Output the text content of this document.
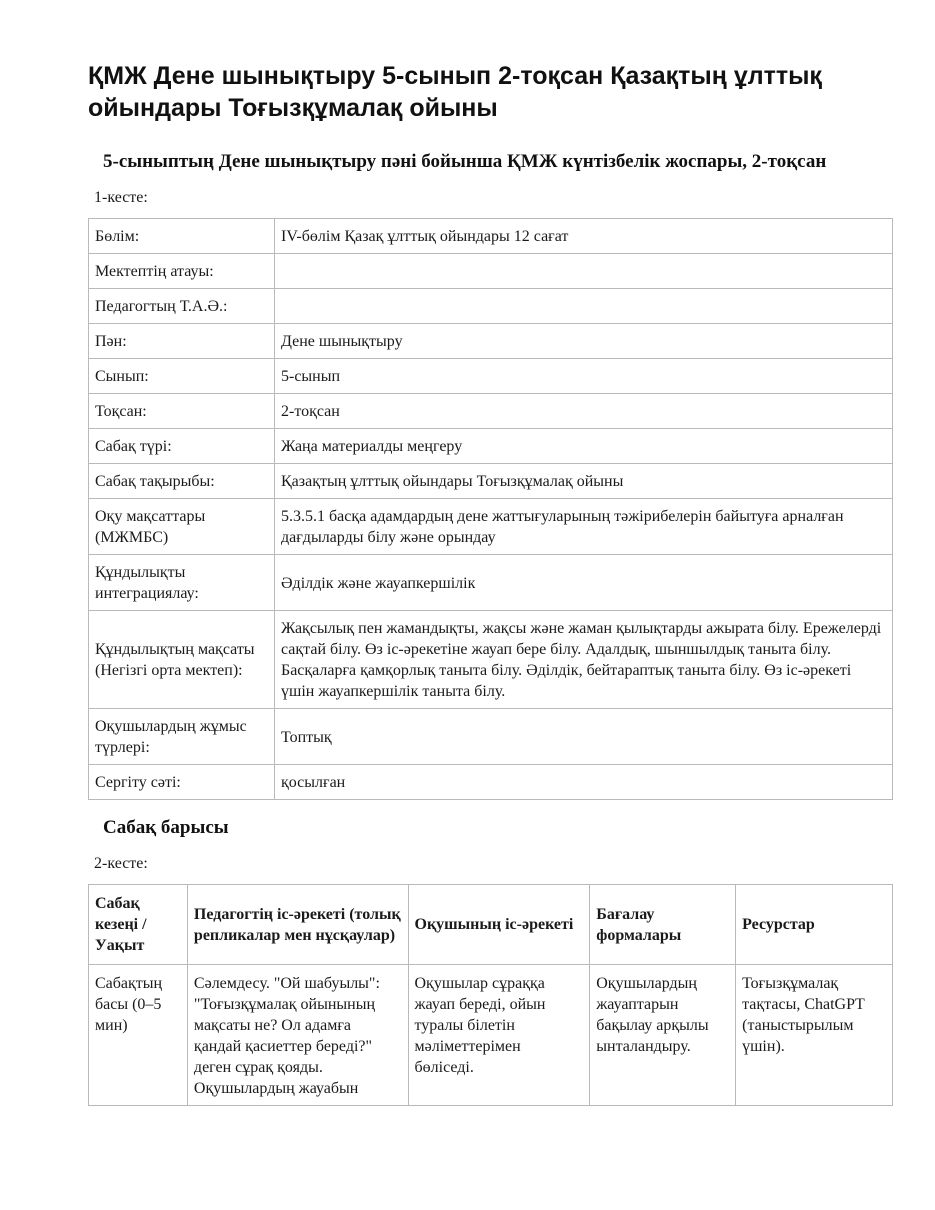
ҚМЖ Дене шынықтыру 5-сынып 2-тоқсан Қазақтың ұлттық ойындары Тоғызқұмалақ ойыны
5-сыныптың Дене шынықтыру пәні бойынша ҚМЖ күнтізбелік жоспары, 2-тоқсан
1-кесте:
Бөлім:	IV-бөлім Қазақ ұлттық ойындары 12 сағат
Мектептің атауы:	
Педагогтың Т.А.Ә.:	
Пән:	Дене шынықтыру
Сынып:	5-сынып
Тоқсан:	2-тоқсан
Сабақ түрі:	Жаңа материалды меңгеру
Сабақ тақырыбы:	Қазақтың ұлттық ойындары Тоғызқұмалақ ойыны
Оқу мақсаттары (МЖМБС)	5.3.5.1 басқа адамдардың дене жаттығуларының тәжірибелерін байытуға арналған дағдыларды білу және орындау
Құндылықты интеграциялау:	Әділдік және жауапкершілік
Құндылықтың мақсаты (Негізгі орта мектеп):	Жақсылық пен жамандықты, жақсы және жаман қылықтарды ажырата білу. Ережелерді сақтай білу. Өз іс-әрекетіне жауап бере білу. Адалдық, шыншылдық таныта білу. Басқаларға қамқорлық таныта білу. Әділдік, бейтараптық таныта білу. Өз іс-әрекеті үшін жауапкершілік таныта білу.
Оқушылардың жұмыс түрлері:	Топтық
Сергіту сәті:	қосылған
Сабақ барысы
2-кесте:
Сабақ кезеңі / Уақыт	Педагогтің іс-әрекеті (толық репликалар мен нұсқаулар)	Оқушының іс-әрекеті	Бағалау формалары	Ресурстар
Сабақтың басы (0–5 мин)	Сәлемдесу. "Ой шабуылы": "Тоғызқұмалақ ойынының мақсаты не? Ол адамға қандай қасиеттер береді?" деген сұрақ қояды. Оқушылардың жауабын	Оқушылар сұраққа жауап береді, ойын туралы білетін мәліметтерімен бөліседі.	Оқушылардың жауаптарын бақылау арқылы ынталандыру.	Тоғызқұмалақ тақтасы, ChatGPT (таныстырылым үшін).
